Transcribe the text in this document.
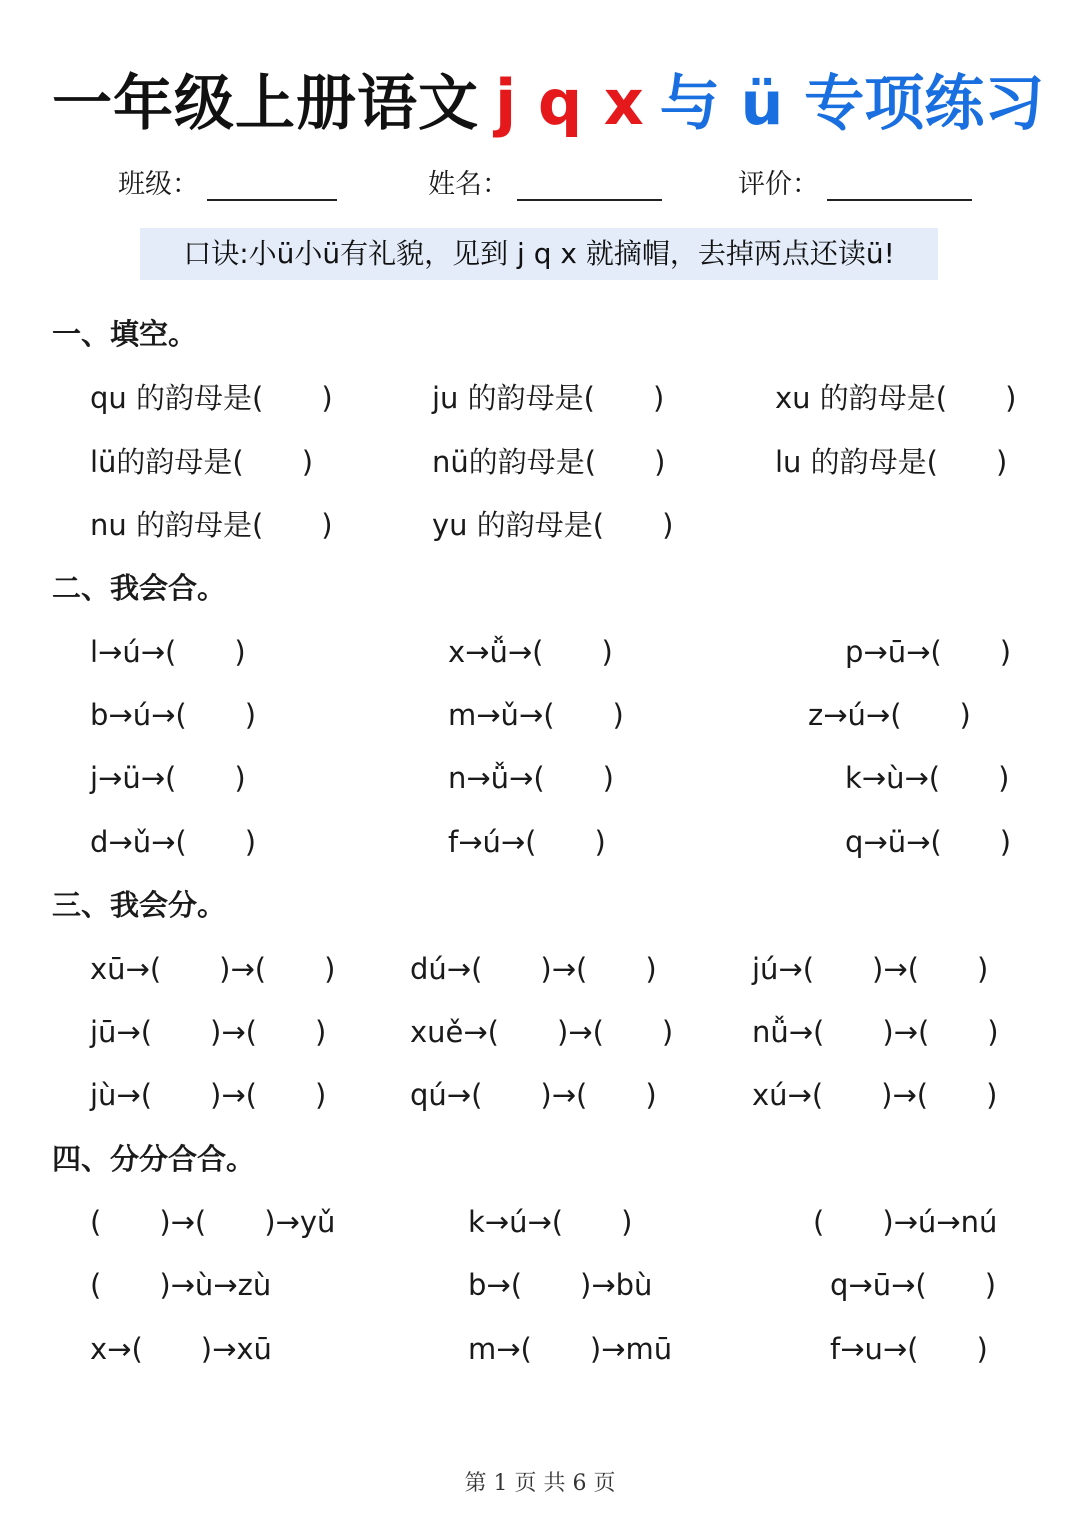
一年级上册语文 j q x 与 ü 专项练习
班级：	姓名：	评价：
口诀:小ü小ü有礼貌，见到 j q x 就摘帽，去掉两点还读ü!
一、填空。
qu 的韵母是(　　)	ju 的韵母是(　　)	xu 的韵母是(　　)
lü的韵母是(　　)	nü的韵母是(　　)	lu 的韵母是(　　)
nu 的韵母是(　　)	yu 的韵母是(　　)
二、我会合。
l→ú→(　　)	x→ǚ→(　　)	p→ū→(　　)
b→ú→(　　)	m→ǔ→(　　)	z→ú→(　　)
j→ü→(　　)	n→ǚ→(　　)	k→ù→(　　)
d→ǔ→(　　)	f→ú→(　　)	q→ü→(　　)
三、我会分。
xū→(　　)→(　　)	dú→(　　)→(　　)	jú→(　　)→(　　)
jū→(　　)→(　　)	xuě→(　　)→(　　)	nǚ→(　　)→(　　)
jù→(　　)→(　　)	qú→(　　)→(　　)	xú→(　　)→(　　)
四、分分合合。
(　　)→(　　)→yǔ	k→ú→(　　)	(　　)→ú→nú
(　　)→ù→zù	b→(　　)→bù	q→ū→(　　)
x→(　　)→xū	m→(　　)→mū	f→u→(　　)
第 1 页 共 6 页
